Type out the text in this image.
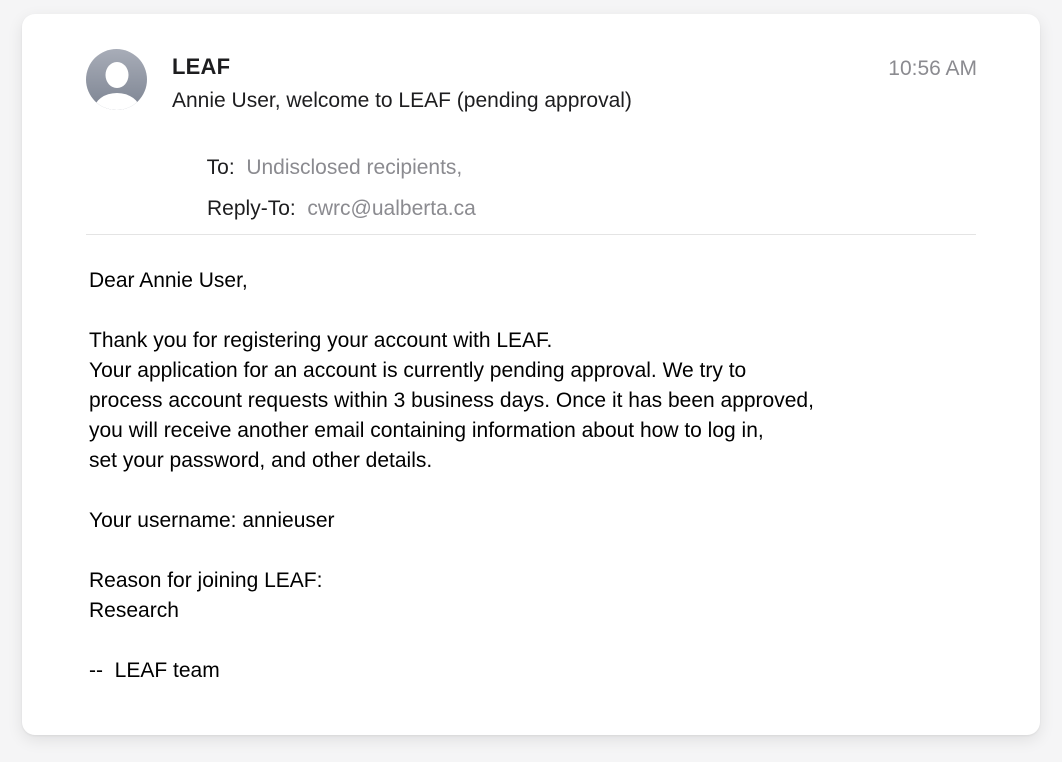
LEAF	10:56 AM
Annie User, welcome to LEAF (pending approval)

To:  Undisclosed recipients,

Reply-To:  cwrc@ualberta.ca

Dear Annie User,
Thank you for registering your account with LEAF.
Your application for an account is currently pending approval. We try to
process account requests within 3 business days. Once it has been approved,
you will receive another email containing information about how to log in,
set your password, and other details.
Your username: annieuser
Reason for joining LEAF:
Research
--  LEAF team
